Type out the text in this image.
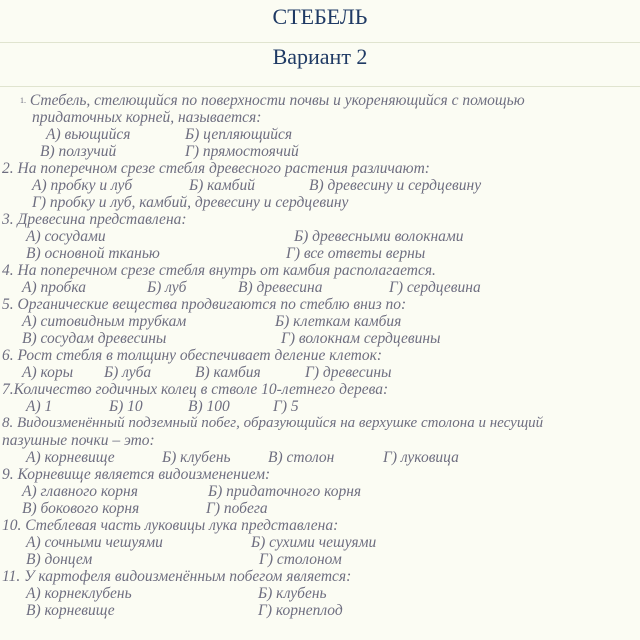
СТЕБЕЛЬ
Вариант 2
1. Стебель, стелющийся по поверхности почвы и укореняющийся с помощью
придаточных корней, называется:
А) вьющийся	Б) цепляющийся
В) ползучий	Г) прямостоячий
2. На поперечном срезе стебля древесного растения различают:
А) пробку и луб	Б) камбий	В) древесину и сердцевину
Г) пробку и луб, камбий, древесину и сердцевину
3. Древесина представлена:
А) сосудами	Б) древесными волокнами
В) основной тканью	Г) все ответы верны
4. На поперечном срезе стебля внутрь от камбия располагается.
А) пробка	Б) луб	В) древесина	Г) сердцевина
5. Органические вещества продвигаются по стеблю вниз по:
А) ситовидным трубкам	Б) клеткам камбия
В) сосудам древесины	Г) волокнам сердцевины
6. Рост стебля в толщину обеспечивает деление клеток:
А) коры Б) луба	В) камбия	Г) древесины
7.Количество годичных колец в стволе 10-летнего дерева:
А) 1	Б) 10	В) 100	Г) 5
8. Видоизменённый подземный побег, образующийся на верхушке столона и несущий
пазушные почки – это:
А) корневище	Б) клубень В) столон	Г) луковица
9. Корневище является видоизменением:
А) главного корня	Б) придаточного корня
В) бокового корня	Г) побега
10. Стеблевая часть луковицы лука представлена:
А) сочными чешуями	Б) сухими чешуями
В) донцем	Г) столоном
11. У картофеля видоизменённым побегом является:
А) корнеклубень	Б) клубень
В) корневище	Г) корнеплод
